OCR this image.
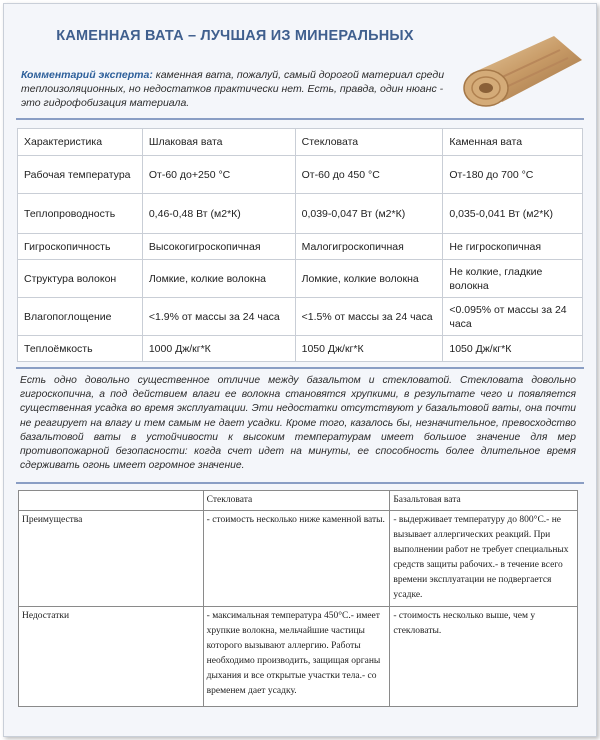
КАМЕННАЯ ВАТА – ЛУЧШАЯ ИЗ МИНЕРАЛЬНЫХ
Комментарий эксперта: каменная вата, пожалуй, самый дорогой материал среди теплоизоляционных, но недостатков практически нет. Есть, правда, один нюанс - это гидрофобизация материала.
Характеристика	Шлаковая вата	Стекловата	Каменная вата
Рабочая температура	От-60 до+250 °С	От-60 до 450 °С	От-180 до 700 °С
Теплопроводность	0,46-0,48 Вт (м2*К)	0,039-0,047 Вт (м2*К)	0,035-0,041 Вт (м2*К)
Гигроскопичность	Высокогигроскопичная	Малогигроскопичная	Не гигроскопичная
Структура волокон	Ломкие, колкие волокна	Ломкие, колкие волокна	Не колкие, гладкие волокна
Влагопоглощение	<1.9% от массы за 24 часа	<1.5% от массы за 24 часа	<0.095% от массы за 24 часа
Теплоёмкость	1000 Дж/кг*К	1050 Дж/кг*К	1050 Дж/кг*К
Есть одно довольно существенное отличие между базальтом и стекловатой. Стекловата довольно гигроскопична, а под действием влаги ее волокна становятся хрупкими, в результате чего и появляется существенная усадка во время эксплуатации. Эти недостатки отсутствуют у базальтовой ваты, она почти не реагирует на влагу и тем самым не дает усадки. Кроме того, казалось бы, незначительное, превосходство базальтовой ваты в устойчивости к высоким температурам имеет большое значение для мер противопожарной безопасности: когда счет идет на минуты, ее способность более длительное время сдерживать огонь имеет огромное значение.
	Стекловата	Базальтовая вата
Преимущества	- стоимость несколько ниже каменной ваты.	- выдерживает температуру до 800°С.- не вызывает аллергических реакций. При выполнении работ не требует специальных средств защиты рабочих.- в течение всего времени эксплуатации не подвергается усадке.
Недостатки	- максимальная температура 450°С.- имеет хрупкие волокна, мельчайшие частицы которого вызывают аллергию. Работы необходимо производить, защищая органы дыхания и все открытые участки тела.- со временем дает усадку.	- стоимость несколько выше, чем у стекловаты.
